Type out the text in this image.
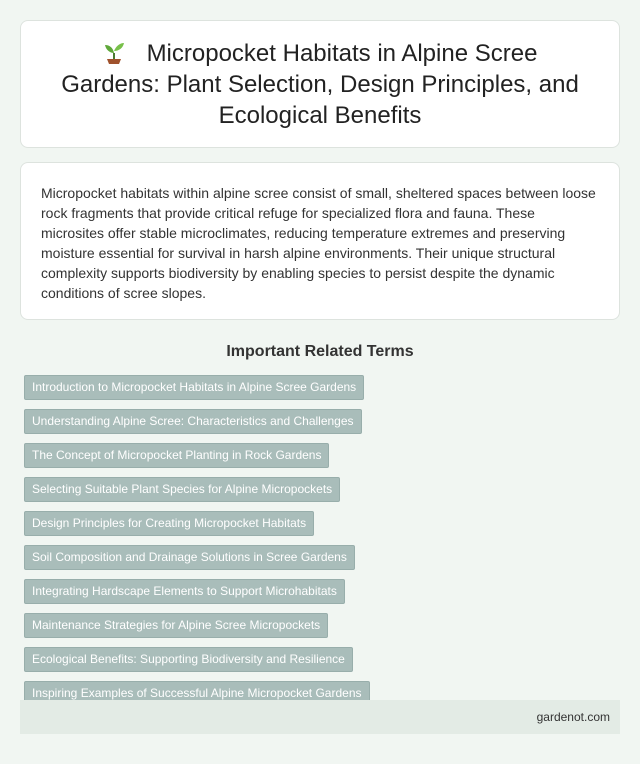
Micropocket Habitats in Alpine Scree Gardens: Plant Selection, Design Principles, and Ecological Benefits

Micropocket habitats within alpine scree consist of small, sheltered spaces between loose rock fragments that provide critical refuge for specialized flora and fauna. These microsites offer stable microclimates, reducing temperature extremes and preserving moisture essential for survival in harsh alpine environments. Their unique structural complexity supports biodiversity by enabling species to persist despite the dynamic conditions of scree slopes.

Important Related Terms
Introduction to Micropocket Habitats in Alpine Scree Gardens
Understanding Alpine Scree: Characteristics and Challenges
The Concept of Micropocket Planting in Rock Gardens
Selecting Suitable Plant Species for Alpine Micropockets
Design Principles for Creating Micropocket Habitats
Soil Composition and Drainage Solutions in Scree Gardens
Integrating Hardscape Elements to Support Microhabitats
Maintenance Strategies for Alpine Scree Micropockets
Ecological Benefits: Supporting Biodiversity and Resilience
Inspiring Examples of Successful Alpine Micropocket Gardens
gardenot.com
